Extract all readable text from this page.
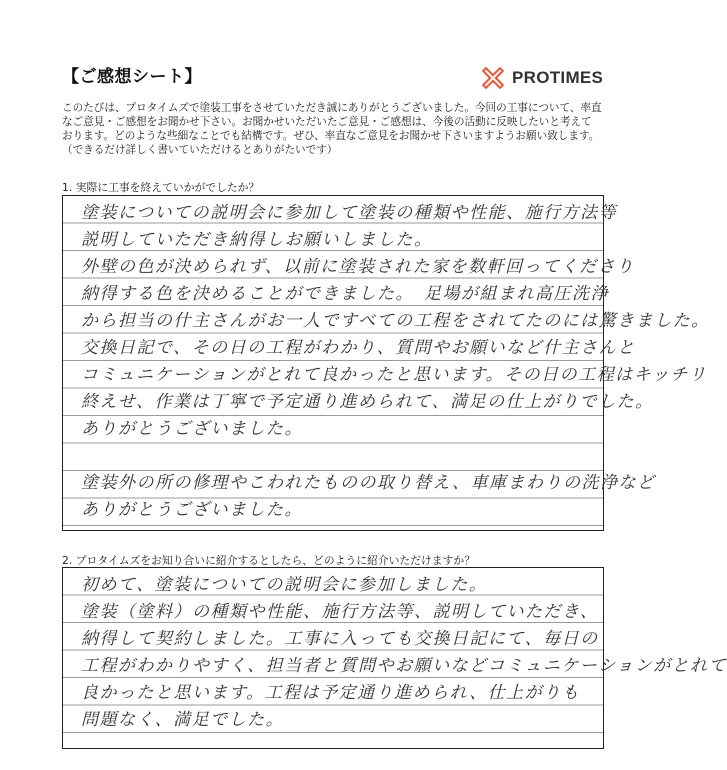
【ご感想シート】	PROTIMES

このたびは、プロタイムズで塗装工事をさせていただき誠にありがとうございました。今回の工事について、率直なご意見・ご感想をお聞かせ下さい。お聞かせいただいたご意見・ご感想は、今後の活動に反映したいと考えております。どのような些細なことでも結構です。ぜひ、率直なご意見をお聞かせ下さいますようお願い致します。（できるだけ詳しく書いていただけるとありがたいです）

1. 実際に工事を終えていかがでしたか？
塗装についての説明会に参加して塗装の種類や性能、施行方法等
説明していただき納得しお願いしました。
外壁の色が決められず、以前に塗装された家を数軒回ってくださり
納得する色を決めることができました。　足場が組まれ高圧洗浄
から担当の什主さんがお一人ですべての工程をされてたのには驚きました。
交換日記で、その日の工程がわかり、質問やお願いなど什主さんと
コミュニケーションがとれて良かったと思います。その日の工程はキッチリ
終えせ、作業は丁寧で予定通り進められて、満足の仕上がりでした。
ありがとうございました。
塗装外の所の修理やこわれたものの取り替え、車庫まわりの洗浄など
ありがとうございました。
2. プロタイムズをお知り合いに紹介するとしたら、どのように紹介いただけますか？
初めて、塗装についての説明会に参加しました。
塗装（塗料）の種類や性能、施行方法等、説明していただき、
納得して契約しました。工事に入っても交換日記にて、毎日の
工程がわかりやすく、担当者と質問やお願いなどコミュニケーションがとれて
良かったと思います。工程は予定通り進められ、仕上がりも
問題なく、満足でした。
